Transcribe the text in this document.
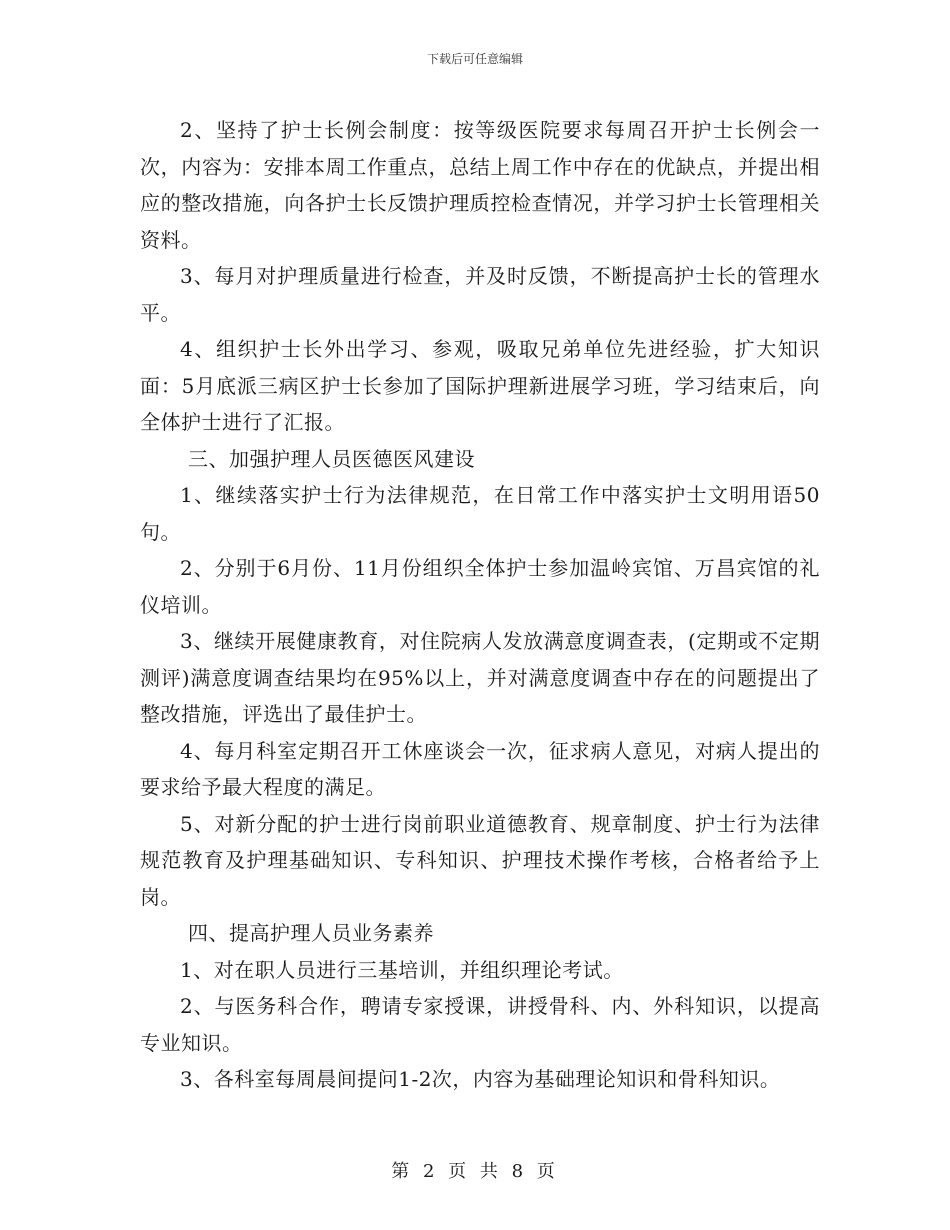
下载后可任意编辑

2、坚持了护士长例会制度：按等级医院要求每周召开护士长例会一次，内容为：安排本周工作重点，总结上周工作中存在的优缺点，并提出相应的整改措施，向各护士长反馈护理质控检查情况，并学习护士长管理相关资料。

3、每月对护理质量进行检查，并及时反馈，不断提高护士长的管理水平。

4、组织护士长外出学习、参观，吸取兄弟单位先进经验，扩大知识面：5月底派三病区护士长参加了国际护理新进展学习班，学习结束后，向全体护士进行了汇报。

三、加强护理人员医德医风建设

1、继续落实护士行为法律规范，在日常工作中落实护士文明用语50句。

2、分别于6月份、11月份组织全体护士参加温岭宾馆、万昌宾馆的礼仪培训。

3、继续开展健康教育，对住院病人发放满意度调查表，(定期或不定期测评)满意度调查结果均在95%以上，并对满意度调查中存在的问题提出了整改措施，评选出了最佳护士。

4、每月科室定期召开工休座谈会一次，征求病人意见，对病人提出的要求给予最大程度的满足。

5、对新分配的护士进行岗前职业道德教育、规章制度、护士行为法律规范教育及护理基础知识、专科知识、护理技术操作考核，合格者给予上岗。

四、提高护理人员业务素养

1、对在职人员进行三基培训，并组织理论考试。

2、与医务科合作，聘请专家授课，讲授骨科、内、外科知识，以提高专业知识。

3、各科室每周晨间提问1-2次，内容为基础理论知识和骨科知识。

第 2 页 共 8 页
